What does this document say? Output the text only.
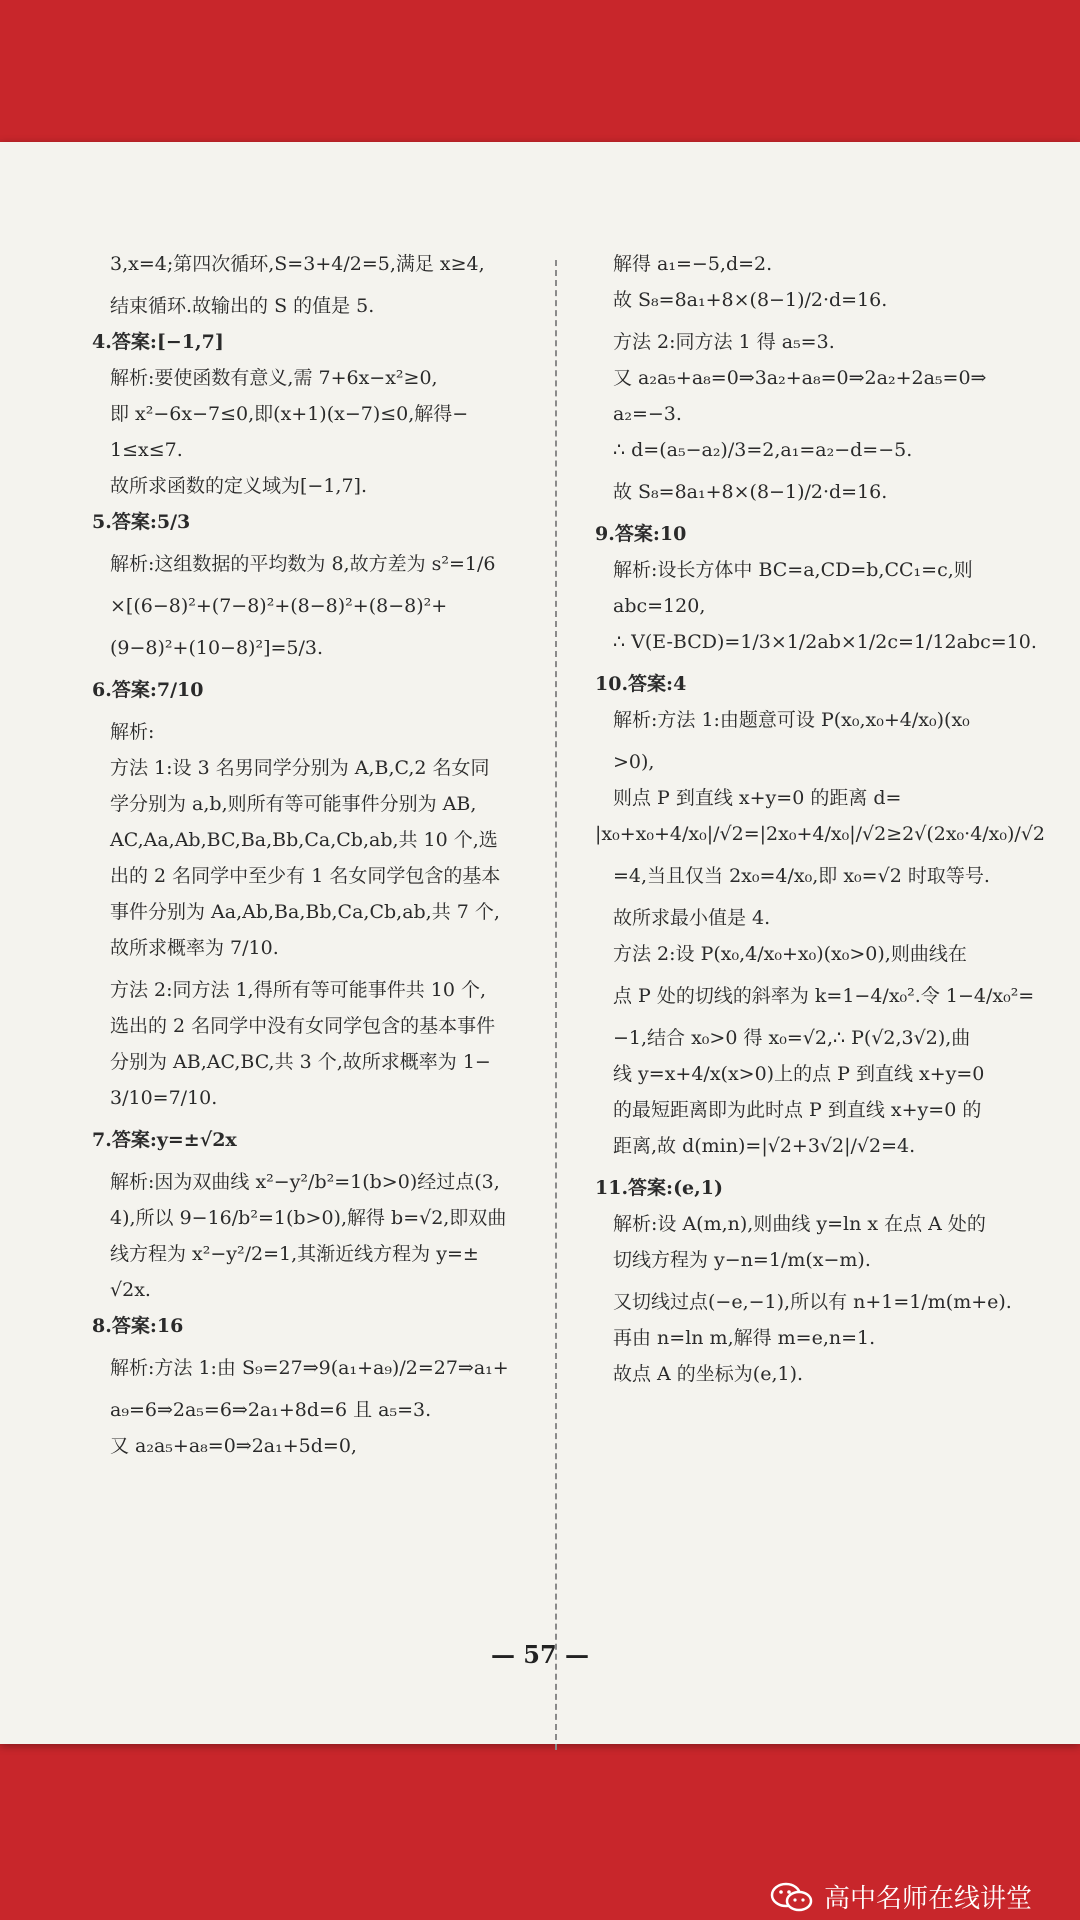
3,x=4;第四次循环,S=3+4/2=5,满足 x≥4,
结束循环.故输出的 S 的值是 5.
4.答案:[−1,7]
解析:要使函数有意义,需 7+6x−x²≥0,
即 x²−6x−7≤0,即(x+1)(x−7)≤0,解得−
1≤x≤7.
故所求函数的定义域为[−1,7].
5.答案:5/3
解析:这组数据的平均数为 8,故方差为 s²=1/6
×[(6−8)²+(7−8)²+(8−8)²+(8−8)²+
(9−8)²+(10−8)²]=5/3.
6.答案:7/10
解析:
方法 1:设 3 名男同学分别为 A,B,C,2 名女同
学分别为 a,b,则所有等可能事件分别为 AB,
AC,Aa,Ab,BC,Ba,Bb,Ca,Cb,ab,共 10 个,选
出的 2 名同学中至少有 1 名女同学包含的基本
事件分别为 Aa,Ab,Ba,Bb,Ca,Cb,ab,共 7 个,
故所求概率为 7/10.
方法 2:同方法 1,得所有等可能事件共 10 个,
选出的 2 名同学中没有女同学包含的基本事件
分别为 AB,AC,BC,共 3 个,故所求概率为 1−
3/10=7/10.
7.答案:y=±√2x
解析:因为双曲线 x²−y²/b²=1(b>0)经过点(3,
4),所以 9−16/b²=1(b>0),解得 b=√2,即双曲
线方程为 x²−y²/2=1,其渐近线方程为 y=±
√2x.
8.答案:16
解析:方法 1:由 S₉=27⇒9(a₁+a₉)/2=27⇒a₁+
a₉=6⇒2a₅=6⇒2a₁+8d=6 且 a₅=3.
又 a₂a₅+a₈=0⇒2a₁+5d=0,
解得 a₁=−5,d=2.
故 S₈=8a₁+8×(8−1)/2·d=16.
方法 2:同方法 1 得 a₅=3.
又 a₂a₅+a₈=0⇒3a₂+a₈=0⇒2a₂+2a₅=0⇒
a₂=−3.
∴ d=(a₅−a₂)/3=2,a₁=a₂−d=−5.
故 S₈=8a₁+8×(8−1)/2·d=16.
9.答案:10
解析:设长方体中 BC=a,CD=b,CC₁=c,则
abc=120,
∴ V(E-BCD)=1/3×1/2ab×1/2c=1/12abc=10.
10.答案:4
解析:方法 1:由题意可设 P(x₀,x₀+4/x₀)(x₀
>0),
则点 P 到直线 x+y=0 的距离 d=
|x₀+x₀+4/x₀|/√2=|2x₀+4/x₀|/√2≥2√(2x₀·4/x₀)/√2
=4,当且仅当 2x₀=4/x₀,即 x₀=√2 时取等号.
故所求最小值是 4.
方法 2:设 P(x₀,4/x₀+x₀)(x₀>0),则曲线在
点 P 处的切线的斜率为 k=1−4/x₀².令 1−4/x₀²=
−1,结合 x₀>0 得 x₀=√2,∴ P(√2,3√2),曲
线 y=x+4/x(x>0)上的点 P 到直线 x+y=0
的最短距离即为此时点 P 到直线 x+y=0 的
距离,故 d(min)=|√2+3√2|/√2=4.
11.答案:(e,1)
解析:设 A(m,n),则曲线 y=ln x 在点 A 处的
切线方程为 y−n=1/m(x−m).
又切线过点(−e,−1),所以有 n+1=1/m(m+e).
再由 n=ln m,解得 m=e,n=1.
故点 A 的坐标为(e,1).
— 57 —
高中名师在线讲堂
